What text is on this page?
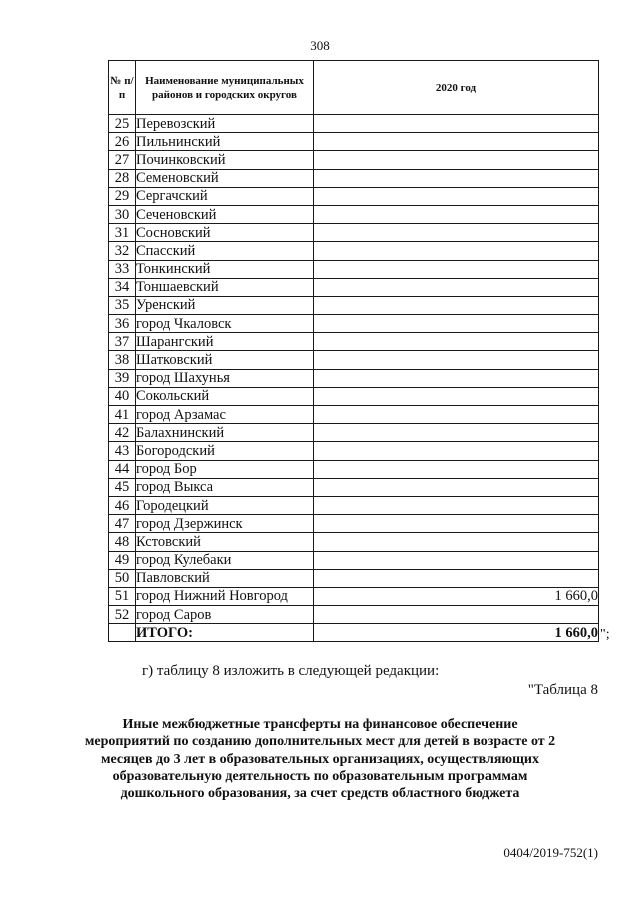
308
№ п/п	Наименование муниципальных районов и городских округов	2020 год
25	Перевозский	
26	Пильнинский	
27	Починковский	
28	Семеновский	
29	Сергачский	
30	Сеченовский	
31	Сосновский	
32	Спасский	
33	Тонкинский	
34	Тоншаевский	
35	Уренский	
36	город Чкаловск	
37	Шарангский	
38	Шатковский	
39	город Шахунья	
40	Сокольский	
41	город Арзамас	
42	Балахнинский	
43	Богородский	
44	город Бор	
45	город Выкса	
46	Городецкий	
47	город Дзержинск	
48	Кстовский	
49	город Кулебаки	
50	Павловский	
51	город Нижний Новгород	1 660,0
52	город Саров	
	ИТОГО:	1 660,0 ";
г) таблицу 8 изложить в следующей редакции:
"Таблица 8
Иные межбюджетные трансферты на финансовое обеспечение мероприятий по созданию дополнительных мест для детей в возрасте от 2 месяцев до 3 лет в образовательных организациях, осуществляющих образовательную деятельность по образовательным программам дошкольного образования, за счет средств областного бюджета
0404/2019-752(1)
